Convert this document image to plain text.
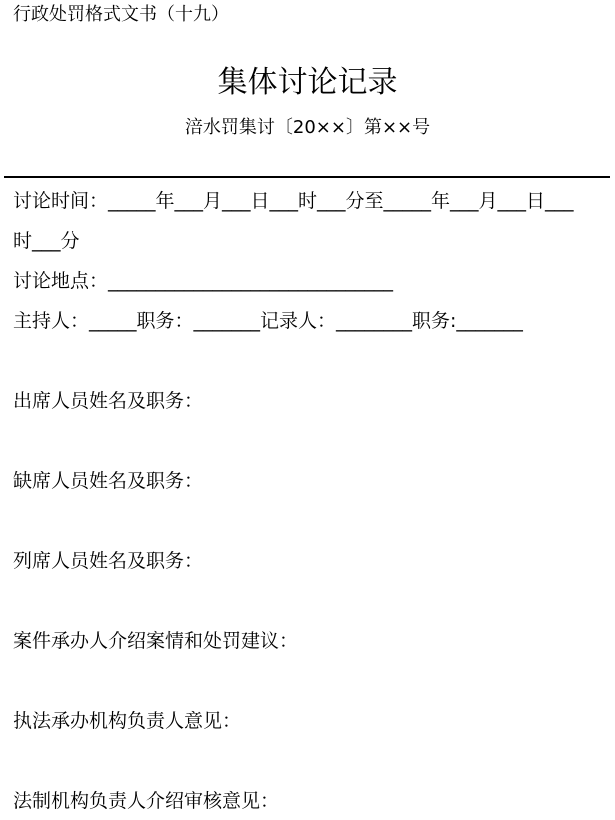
行政处罚格式文书（十九）
集体讨论记录
涪水罚集讨〔20××〕第××号
讨论时间：_____年___月___日___时___分至_____年___月___日___
时___分
讨论地点：______________________________
主持人：_____职务：_______记录人：________职务:_______
出席人员姓名及职务：
缺席人员姓名及职务：
列席人员姓名及职务：
案件承办人介绍案情和处罚建议：
执法承办机构负责人意见：
法制机构负责人介绍审核意见：
